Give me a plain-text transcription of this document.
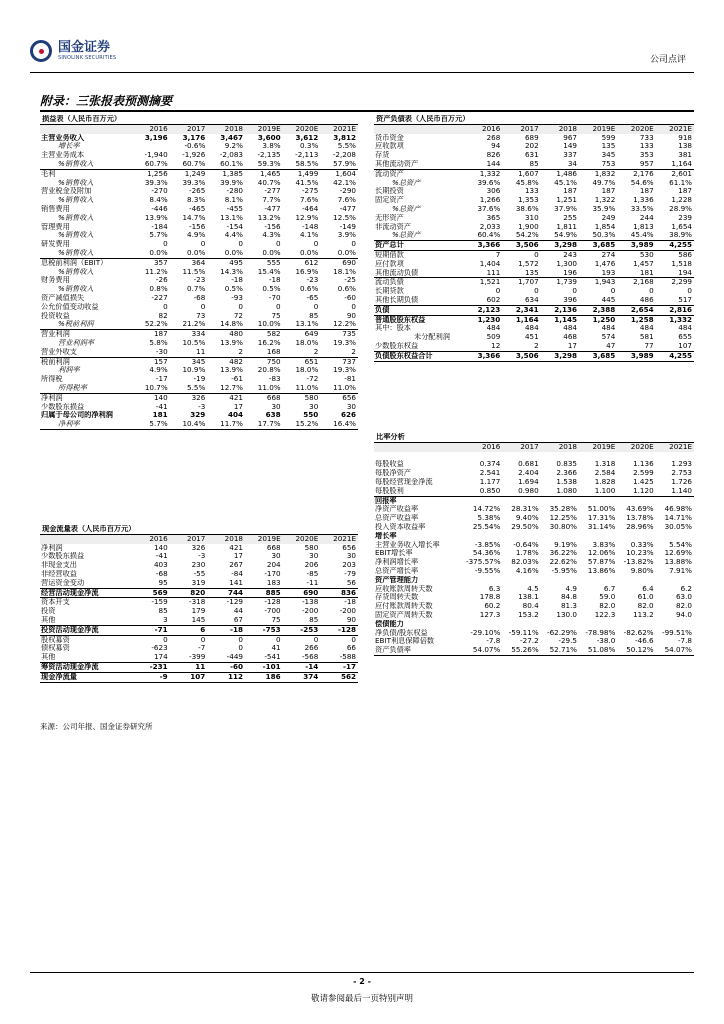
国金证券
SINOLINK SECURITIES	公司点评
附录：三张报表预测摘要
损益表（人民币百万元）						
	2016	2017	2018	2019E	2020E	2021E
主营业务收入	3,196	3,176	3,467	3,600	3,612	3,812
增长率		-0.6%	9.2%	3.8%	0.3%	5.5%
主营业务成本	-1,940	-1,926	-2,083	-2,135	-2,113	-2,208
%销售收入	60.7%	60.7%	60.1%	59.3%	58.5%	57.9%
毛利	1,256	1,249	1,385	1,465	1,499	1,604
%销售收入	39.3%	39.3%	39.9%	40.7%	41.5%	42.1%
营业税金及附加	-270	-265	-280	-277	-275	-290
%销售收入	8.4%	8.3%	8.1%	7.7%	7.6%	7.6%
销售费用	-446	-465	-455	-477	-464	-477
%销售收入	13.9%	14.7%	13.1%	13.2%	12.9%	12.5%
管理费用	-184	-156	-154	-156	-148	-149
%销售收入	5.7%	4.9%	4.4%	4.3%	4.1%	3.9%
研发费用	0	0	0	0	0	0
%销售收入	0.0%	0.0%	0.0%	0.0%	0.0%	0.0%
息税前利润（EBIT）	357	364	495	555	612	690
%销售收入	11.2%	11.5%	14.3%	15.4%	16.9%	18.1%
财务费用	-26	-23	-18	-18	-23	-25
%销售收入	0.8%	0.7%	0.5%	0.5%	0.6%	0.6%
资产减值损失	-227	-68	-93	-70	-65	-60
公允价值变动收益	0	0	0	0	0	0
投资收益	82	73	72	75	85	90
%税前利润	52.2%	21.2%	14.8%	10.0%	13.1%	12.2%
营业利润	187	334	480	582	649	735
营业利润率	5.8%	10.5%	13.9%	16.2%	18.0%	19.3%
营业外收支	-30	11	2	168	2	2
税前利润	157	345	482	750	651	737
利润率	4.9%	10.9%	13.9%	20.8%	18.0%	19.3%
所得税	-17	-19	-61	-83	-72	-81
所得税率	10.7%	5.5%	12.7%	11.0%	11.0%	11.0%
净利润	140	326	421	668	580	656
少数股东损益	-41	-3	17	30	30	30
归属于母公司的净利润	181	329	404	638	550	626
净利率	5.7%	10.4%	11.7%	17.7%	15.2%	16.4%
资产负债表（人民币百万元）						
	2016	2017	2018	2019E	2020E	2021E
货币资金	268	689	967	599	733	918
应收款项	94	202	149	135	133	138
存货	826	631	337	345	353	381
其他流动资产	144	85	34	753	957	1,164
流动资产	1,332	1,607	1,486	1,832	2,176	2,601
%总资产	39.6%	45.8%	45.1%	49.7%	54.6%	61.1%
长期投资	306	133	187	187	187	187
固定资产	1,266	1,353	1,251	1,322	1,336	1,228
%总资产	37.6%	38.6%	37.9%	35.9%	33.5%	28.9%
无形资产	365	310	255	249	244	239
非流动资产	2,033	1,900	1,811	1,854	1,813	1,654
%总资产	60.4%	54.2%	54.9%	50.3%	45.4%	38.9%
资产总计	3,366	3,506	3,298	3,685	3,989	4,255
短期借款	7	0	243	274	530	586
应付款项	1,404	1,572	1,300	1,476	1,457	1,518
其他流动负债	111	135	196	193	181	194
流动负债	1,521	1,707	1,739	1,943	2,168	2,299
长期贷款	0	0	0	0	0	0
其他长期负债	602	634	396	445	486	517
负债	2,123	2,341	2,136	2,388	2,654	2,816
普通股股东权益	1,230	1,164	1,145	1,250	1,258	1,332
其中：股本	484	484	484	484	484	484
未分配利润	509	451	468	574	581	655
少数股东权益	12	2	17	47	77	107
负债股东权益合计	3,366	3,506	3,298	3,685	3,989	4,255
比率分析						
	2016	2017	2018	2019E	2020E	2021E

每股收益	0.374	0.681	0.835	1.318	1.136	1.293
每股净资产	2.541	2.404	2.366	2.584	2.599	2.753
每股经营现金净流	1.177	1.694	1.538	1.828	1.425	1.726
每股股利	0.850	0.980	1.080	1.100	1.120	1.140
回报率						
净资产收益率	14.72%	28.31%	35.28%	51.00%	43.69%	46.98%
总资产收益率	5.38%	9.40%	12.25%	17.31%	13.78%	14.71%
投入资本收益率	25.54%	29.50%	30.80%	31.14%	28.96%	30.05%
增长率						
主营业务收入增长率	-3.85%	-0.64%	9.19%	3.83%	0.33%	5.54%
EBIT增长率	54.36%	1.78%	36.22%	12.06%	10.23%	12.69%
净利润增长率	-375.57%	82.03%	22.62%	57.87%	-13.82%	13.88%
总资产增长率	-9.55%	4.16%	-5.95%	13.86%	9.80%	7.91%
资产管理能力						
应收账款周转天数	6.3	4.5	4.9	6.7	6.4	6.2
存货周转天数	178.8	138.1	84.8	59.0	61.0	63.0
应付账款周转天数	60.2	80.4	81.3	82.0	82.0	82.0
固定资产周转天数	127.3	153.2	130.0	122.3	113.2	94.0
偿债能力						
净负债/股东权益	-29.10%	-59.11%	-62.29%	-78.98%	-82.62%	-99.51%
EBIT利息保障倍数	-7.8	-27.2	-29.5	-38.0	-46.6	-7.8
资产负债率	54.07%	55.26%	52.71%	51.08%	50.12%	54.07%
现金流量表（人民币百万元）						
	2016	2017	2018	2019E	2020E	2021E
净利润	140	326	421	668	580	656
少数股东损益	-41	-3	17	30	30	30
非现金支出	403	230	267	204	206	203
非经营收益	-68	-55	-84	-170	-85	-79
营运资金变动	95	319	141	183	-11	56
经营活动现金净流	569	820	744	885	690	836
资本开支	-159	-318	-129	-128	-138	-18
投资	85	179	44	-700	-200	-200
其他	3	145	67	75	85	90
投资活动现金净流	-71	6	-18	-753	-253	-128
股权募资	0	0	0	0	0	0
债权募资	-623	-7	0	41	266	66
其他	174	-399	-449	-541	-568	-588
筹资活动现金净流	-231	11	-60	-101	-14	-17
现金净流量	-9	107	112	186	374	562
来源：公司年报、国金证券研究所
- 2 -
敬请参阅最后一页特别声明
